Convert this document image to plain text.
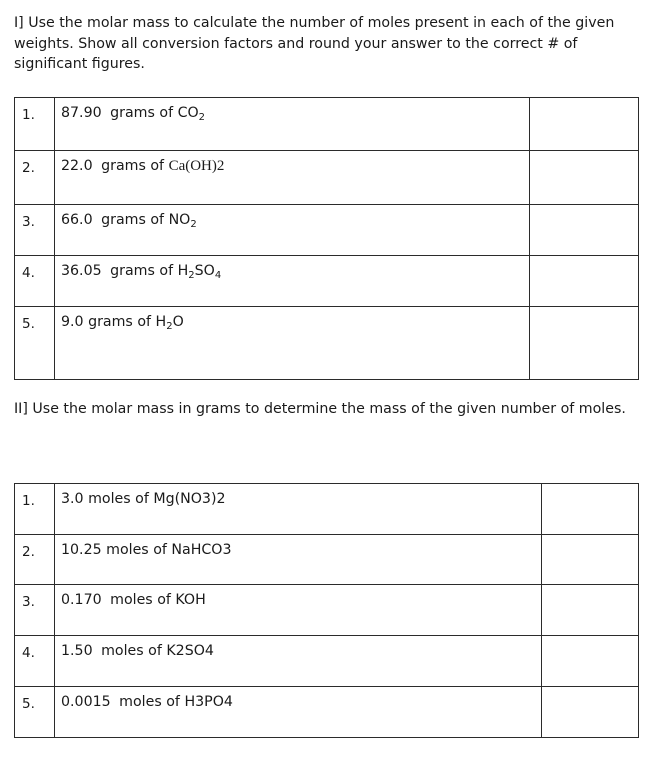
I] Use the molar mass to calculate the number of moles present in each of the given weights. Show all conversion factors and round your answer to the correct # of significant figures.

1.	87.90 grams of $CO_2$	
2.	22.0 grams of Ca(OH)2	
3.	66.0 grams of $NO_2$	
4.	36.05 grams of $H_2SO_4$	
5.	9.0 grams of $H_2O$	

II] Use the molar mass in grams to determine the mass of the given number of moles.

1.	3.0 moles of Mg(NO3)2	
2.	10.25 moles of NaHCO3	
3.	0.170 moles of KOH	
4.	1.50 moles of K2SO4	
5.	0.0015 moles of H3PO4	
